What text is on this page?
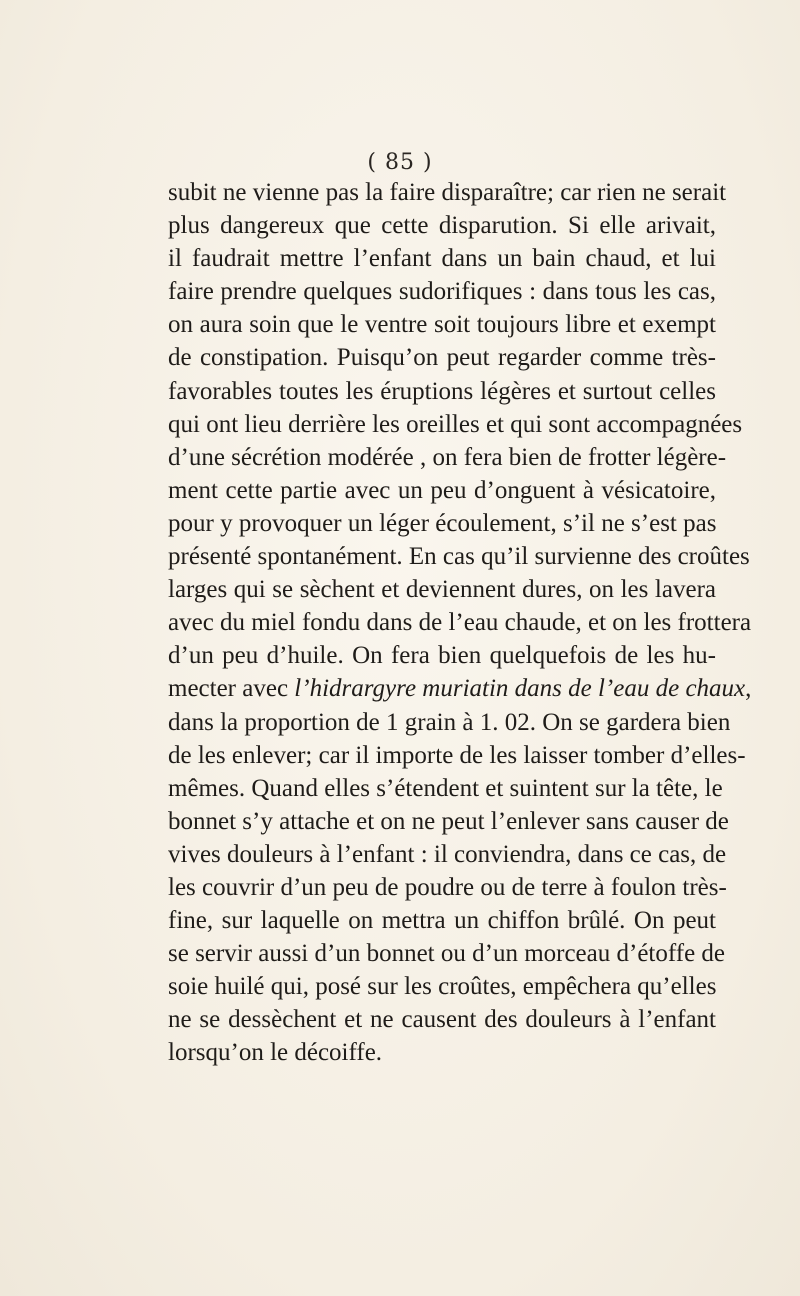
( 85 )
subit ne vienne pas la faire disparaître; car rien ne serait
plus dangereux que cette disparution. Si elle arivait,
il faudrait mettre l’enfant dans un bain chaud, et lui
faire prendre quelques sudorifiques : dans tous les cas,
on aura soin que le ventre soit toujours libre et exempt
de constipation. Puisqu’on peut regarder comme très-
favorables toutes les éruptions légères et surtout celles
qui ont lieu derrière les oreilles et qui sont accompagnées
d’une sécrétion modérée , on fera bien de frotter légère-
ment cette partie avec un peu d’onguent à vésicatoire,
pour y provoquer un léger écoulement, s’il ne s’est pas
présenté spontanément. En cas qu’il survienne des croûtes
larges qui se sèchent et deviennent dures, on les lavera
avec du miel fondu dans de l’eau chaude, et on les frottera
d’un peu d’huile. On fera bien quelquefois de les hu-
mecter avec l’hidrargyre muriatin dans de l’eau de chaux,
dans la proportion de 1 grain à 1. 02. On se gardera bien
de les enlever; car il importe de les laisser tomber d’elles-
mêmes. Quand elles s’étendent et suintent sur la tête, le
bonnet s’y attache et on ne peut l’enlever sans causer de
vives douleurs à l’enfant : il conviendra, dans ce cas, de
les couvrir d’un peu de poudre ou de terre à foulon très-
fine, sur laquelle on mettra un chiffon brûlé. On peut
se servir aussi d’un bonnet ou d’un morceau d’étoffe de
soie huilé qui, posé sur les croûtes, empêchera qu’elles
ne se dessèchent et ne causent des douleurs à l’enfant
lorsqu’on le décoiffe.
